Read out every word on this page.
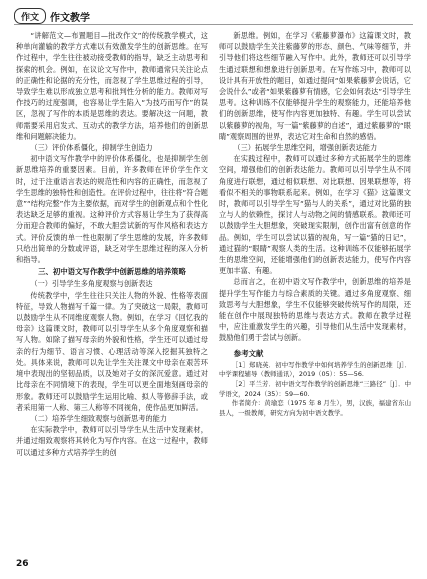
作文	作文教学

“讲解范文—布置题目—批改作文”的传统教学模式，这种单向灌输的教学方式难以有效激发学生的创新思维。在写作过程中，学生往往被动接受教师的指导，缺乏主动思考和探索的机会。例如，在议论文写作中，教师通常只关注论点的正确性和论据的充分性，而忽视了学生思维过程的引导，导致学生难以形成独立思考和批判性分析的能力。教师对写作技巧的过度强调，也容易让学生陷入“为技巧而写作”的误区，忽视了写作的本质是思维的表达。要解决这一问题，教师需要采用启发式、互动式的教学方法，培养他们的创新思维和问题解决能力。

（三）评价体系僵化，抑制学生创造力

初中语文写作教学中的评价体系僵化，也是抑制学生创新思维培养的重要因素。目前，许多教师在评价学生作文时，过于注重语言表达的规范性和内容的正确性，而忽视了学生思维的独特性和创造性。在评价过程中，往往将“符合题意”“结构完整”作为主要依据，而对学生的创新观点和个性化表达缺乏足够的重视。这种评价方式容易让学生为了获得高分而迎合教师的偏好，不敢大胆尝试新的写作风格和表达方式。评价反馈的单一性也限制了学生思维的发展，许多教师只给出简单的分数或评语，缺乏对学生思维过程的深入分析和指导。

三、初中语文写作教学中创新思维的培养策略
（一）引导学生多角度观察与创新表达

传统教学中，学生往往只关注人物的外貌、性格等表面特征，导致人物描写千篇一律。为了突破这一局限，教师可以鼓励学生从不同维度观察人物。例如，在学习《回忆我的母亲》这篇课文时，教师可以引导学生从多个角度观察和描写人物。如除了描写母亲的外貌和性格，学生还可以通过母亲的行为细节、语言习惯、心理活动等深入挖掘其独特之处。具体来说，教师可以先让学生关注课文中母亲在艰苦环境中表现出的坚韧品质，以及她对子女的深沉爱意。通过对比母亲在不同情境下的表现，学生可以更全面地刻画母亲的形象。教师还可以鼓励学生运用比喻、拟人等修辞手法，或者采用第一人称、第三人称等不同视角，使作品更加鲜活。

（二）培养学生细致观察与创新思考的能力

在实际教学中，教师可以引导学生从生活中发现素材，并通过细致观察将其转化为写作内容。在这一过程中，教师可以通过多种方式培养学生的创

新思维。例如，在学习《紫藤萝瀑布》这篇课文时，教师可以鼓励学生关注紫藤萝的形态、颜色、气味等细节，并引导他们将这些细节融入写作中。此外，教师还可以引导学生通过联想和想象进行创新思考。在写作练习中，教师可以设计具有开放性的题目，如通过提问“如果紫藤萝会说话，它会说什么”或者“如果紫藤萝有情感，它会如何表达”引导学生思考。这种训练不仅能够提升学生的观察能力，还能培养他们的创新思维，使写作内容更加独特、有趣。学生可以尝试以紫藤萝的视角，写一篇“紫藤萝的自述”，通过紫藤萝的“眼睛”观察周围的世界，表达它对生命和自然的感悟。

（三）拓展学生思维空间，增强创新表达能力

在实践过程中，教师可以通过多种方式拓展学生的思维空间，增强他们的创新表达能力。教师可以引导学生从不同角度进行联想，通过相似联想、对比联想、因果联想等，将看似不相关的事物联系起来。例如，在学习《猫》这篇课文时，教师可以引导学生写“猫与人的关系”，通过对比猫的独立与人的依赖性，探讨人与动物之间的情感联系。教师还可以鼓励学生大胆想象，突破现实限制，创作出富有创意的作品。例如，学生可以尝试以猫的视角，写一篇“猫的日记”，通过猫的“眼睛”观察人类的生活。这种训练不仅能够拓展学生的思维空间，还能增强他们的创新表达能力，使写作内容更加丰富、有趣。

总而言之，在初中语文写作教学中，创新思维的培养是提升学生写作能力与综合素质的关键。通过多角度观察、细致思考与大胆想象，学生不仅能够突破传统写作的局限，还能在创作中展现独特的思维与表达方式。教师在教学过程中，应注重激发学生的兴趣，引导他们从生活中发现素材，鼓励他们勇于尝试与创新。

参考文献

［1］郑晓英．初中写作教学中如何培养学生的创新思维［J］．中学课程辅导（教师通讯），2019（05）：55—56.

［2］平兰芳．初中语文写作教学的创新思维“三路径”［J］．中学语文，2024（35）：59—60.

作者简介：黄瑜恋（1975 年 8 月生），男，汉族，福建省东山县人，一级教师，研究方向为初中语文教学。

26
